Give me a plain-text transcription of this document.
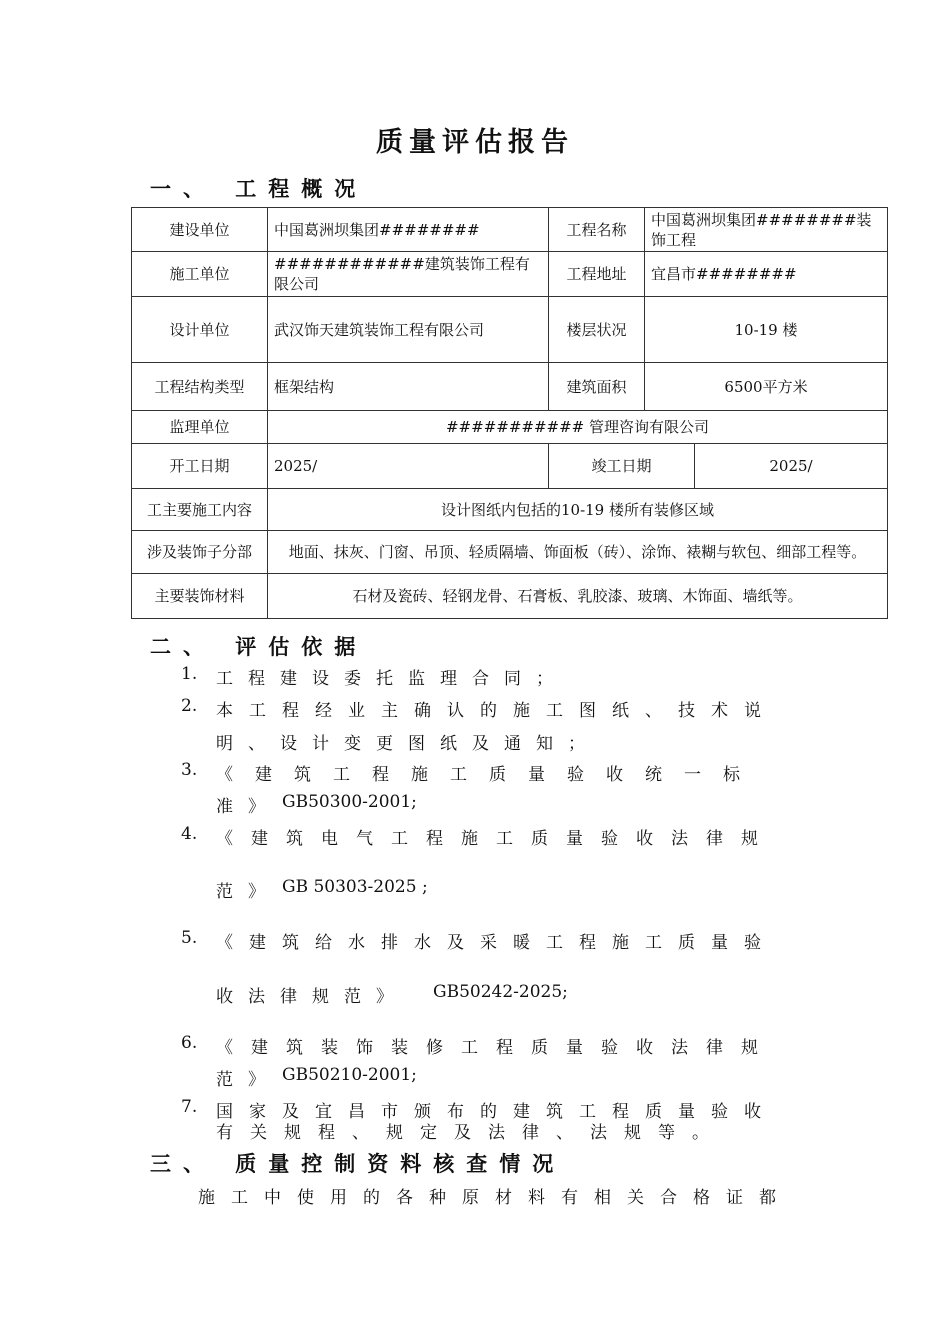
质量评估报告
一、 工程概况
建设单位	中国葛洲坝集团########	工程名称	中国葛洲坝集团########装饰工程	
施工单位	############建筑装饰工程有限公司	工程地址	宜昌市########	
设计单位	武汉饰天建筑装饰工程有限公司	楼层状况	10-19 楼	
工程结构类型	框架结构	建筑面积	6500平方米	
监理单位	########### 管理咨询有限公司			
开工日期	2025/	竣工日期		2025/
工主要施工内容	设计图纸内包括的10-19 楼所有装修区域			
涉及装饰子分部	地面、抹灰、门窗、吊顶、轻质隔墙、饰面板（砖）、涂饰、裱糊与软包、细部工程等。			
主要装饰材料	石材及瓷砖、轻钢龙骨、石膏板、乳胶漆、玻璃、木饰面、墙纸等。			
二、 评估依据
1. 工程建设委托监理合同；
2. 本工程经业主确认的施工图纸、技术说
明、设计变更图纸及通知；
3. 《建筑工程施工质量验收统一标
准》 GB50300-2001;
4. 《建筑电气工程施工质量验收法律规
范》 GB 50303-2025 ;
5. 《建筑给水排水及采暖工程施工质量验
收法律规范》 GB50242-2025;
6. 《建筑装饰装修工程质量验收法律规
范》 GB50210-2001;
7. 国家及宜昌市颁布的建筑工程质量验收
有关规程、规定及法律、法规等。
三、 质量控制资料核查情况
施工中使用的各种原材料有相关合格证都
